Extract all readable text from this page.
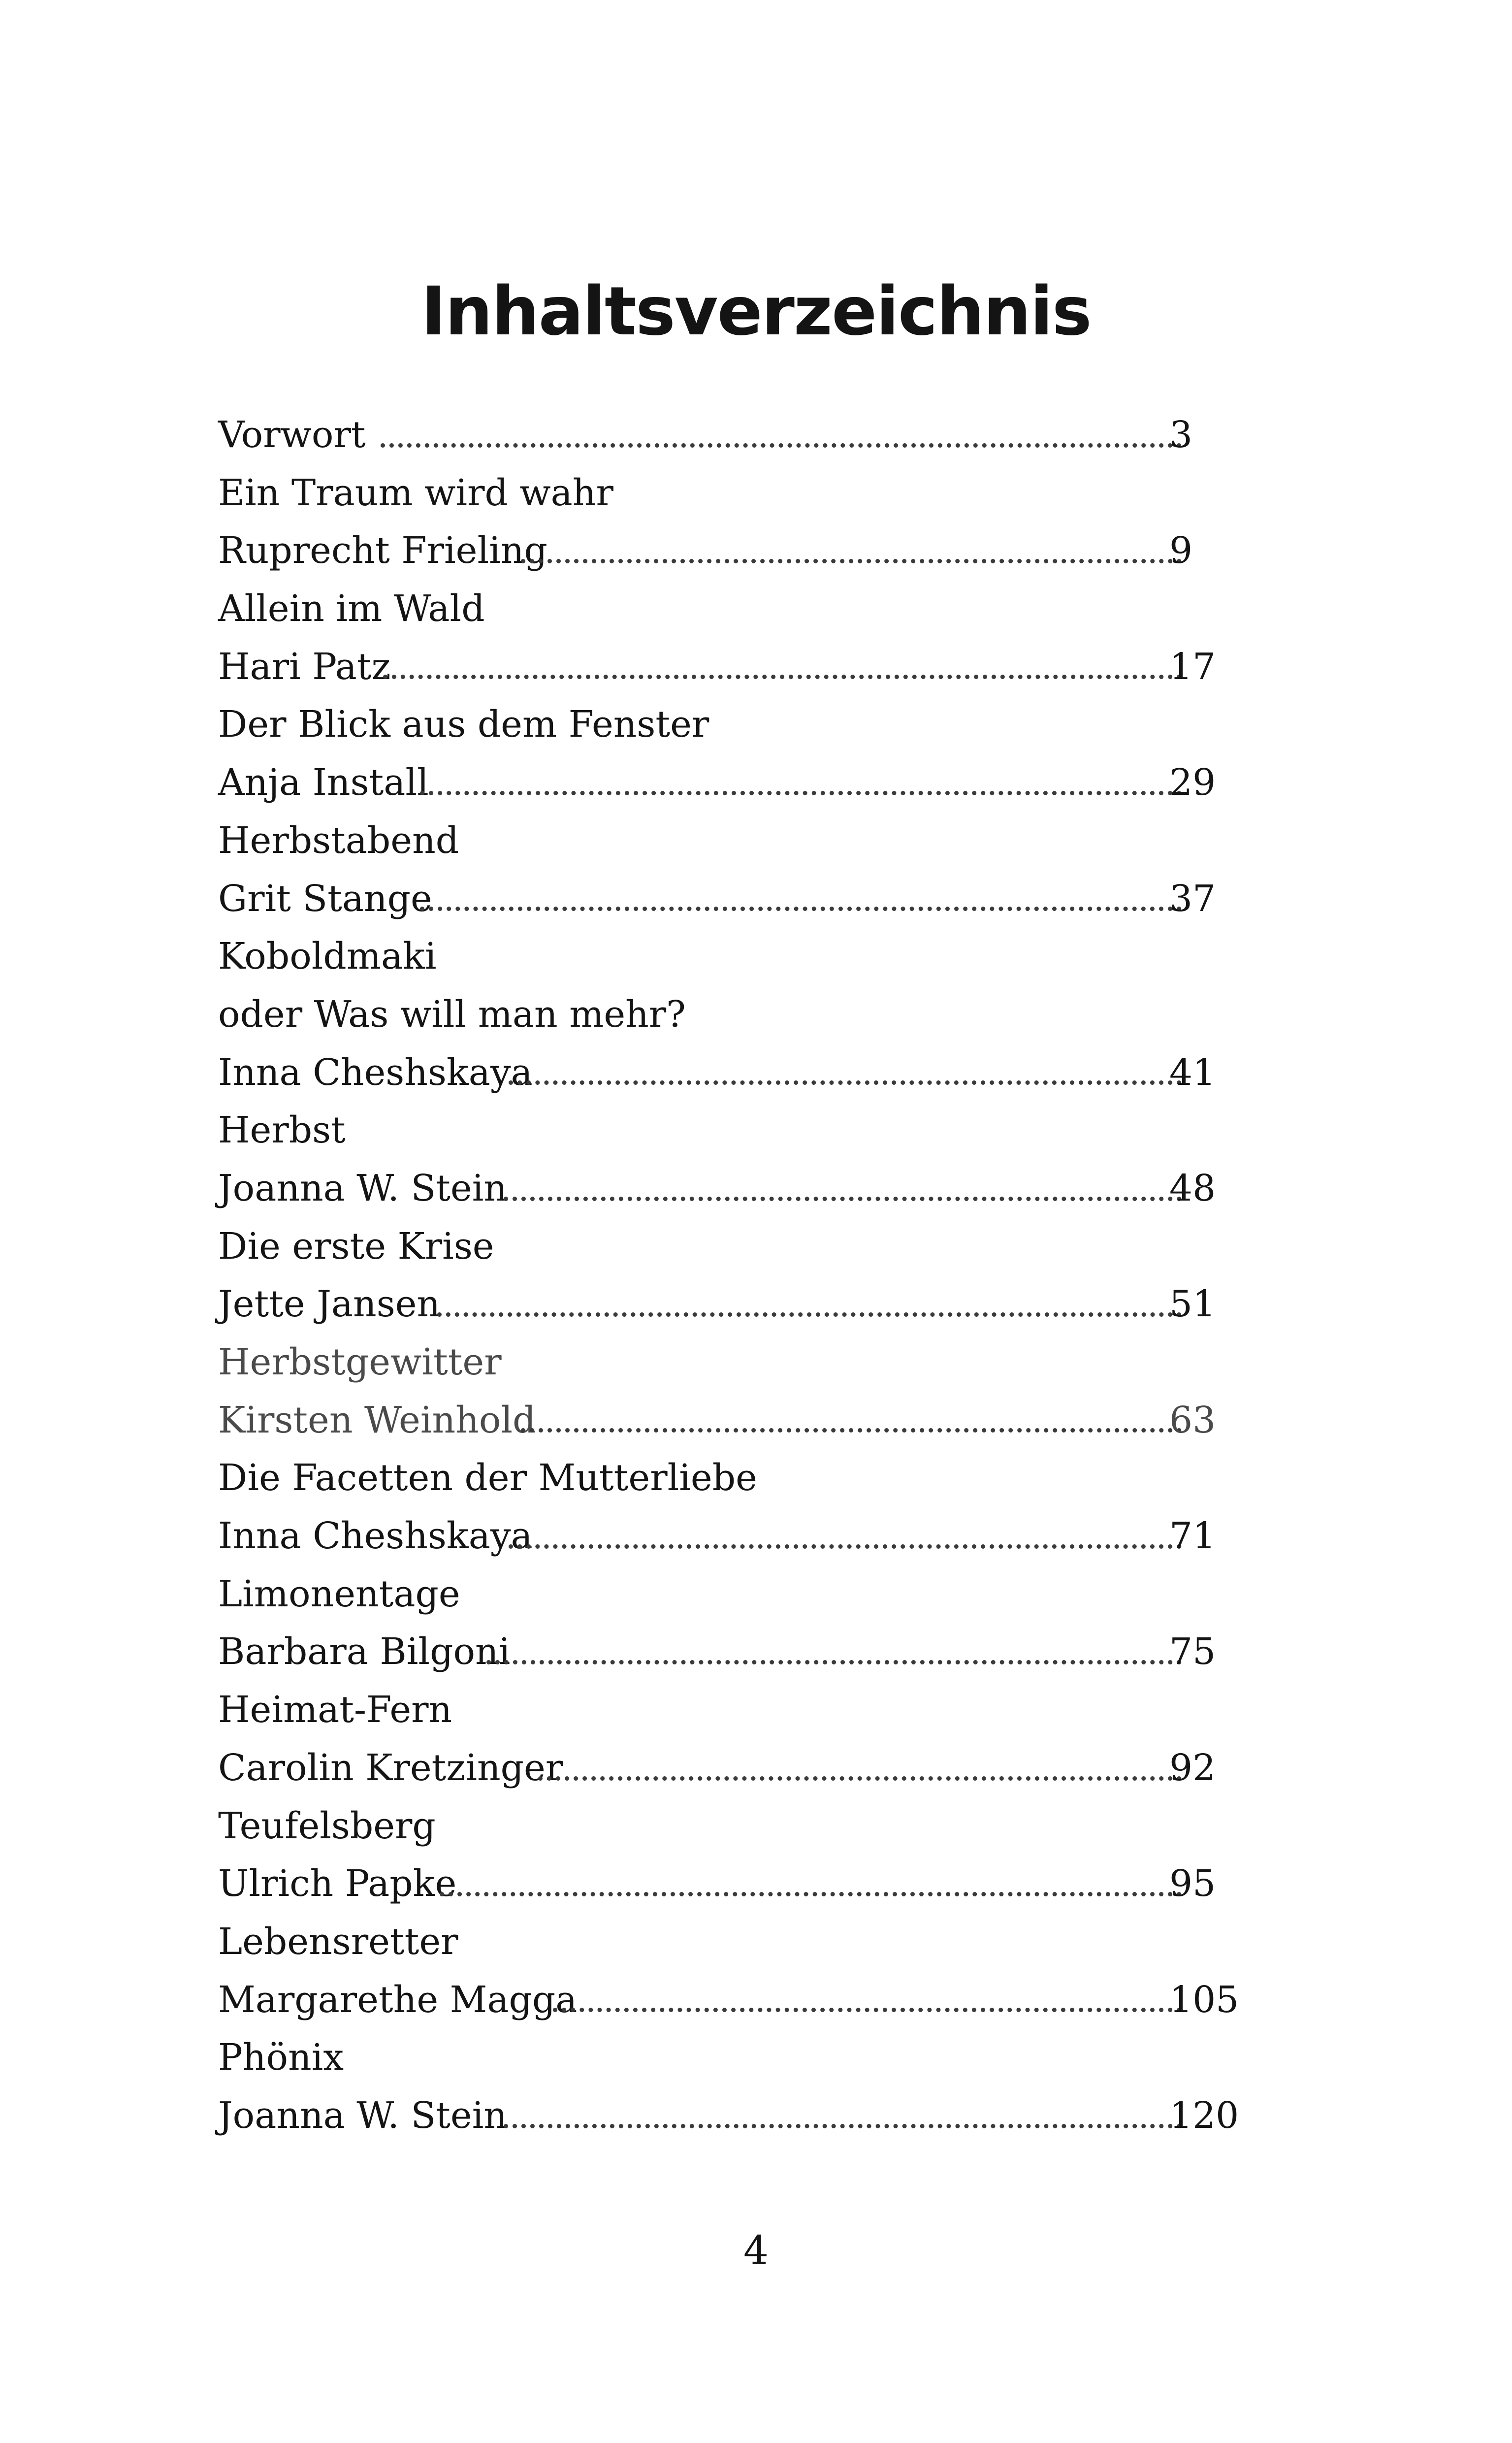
Inhaltsverzeichnis
Vorwort	3
Ein Traum wird wahr
Ruprecht Frieling	9
Allein im Wald
Hari Patz	17
Der Blick aus dem Fenster
Anja Install	29
Herbstabend
Grit Stange	37
Koboldmaki
oder Was will man mehr?
Inna Cheshskaya	41
Herbst
Joanna W. Stein	48
Die erste Krise
Jette Jansen	51
Herbstgewitter
Kirsten Weinhold	63
Die Facetten der Mutterliebe
Inna Cheshskaya	71
Limonentage
Barbara Bilgoni	75
Heimat-Fern
Carolin Kretzinger	92
Teufelsberg
Ulrich Papke	95
Lebensretter
Margarethe Magga	105
Phönix
Joanna W. Stein	120
4
